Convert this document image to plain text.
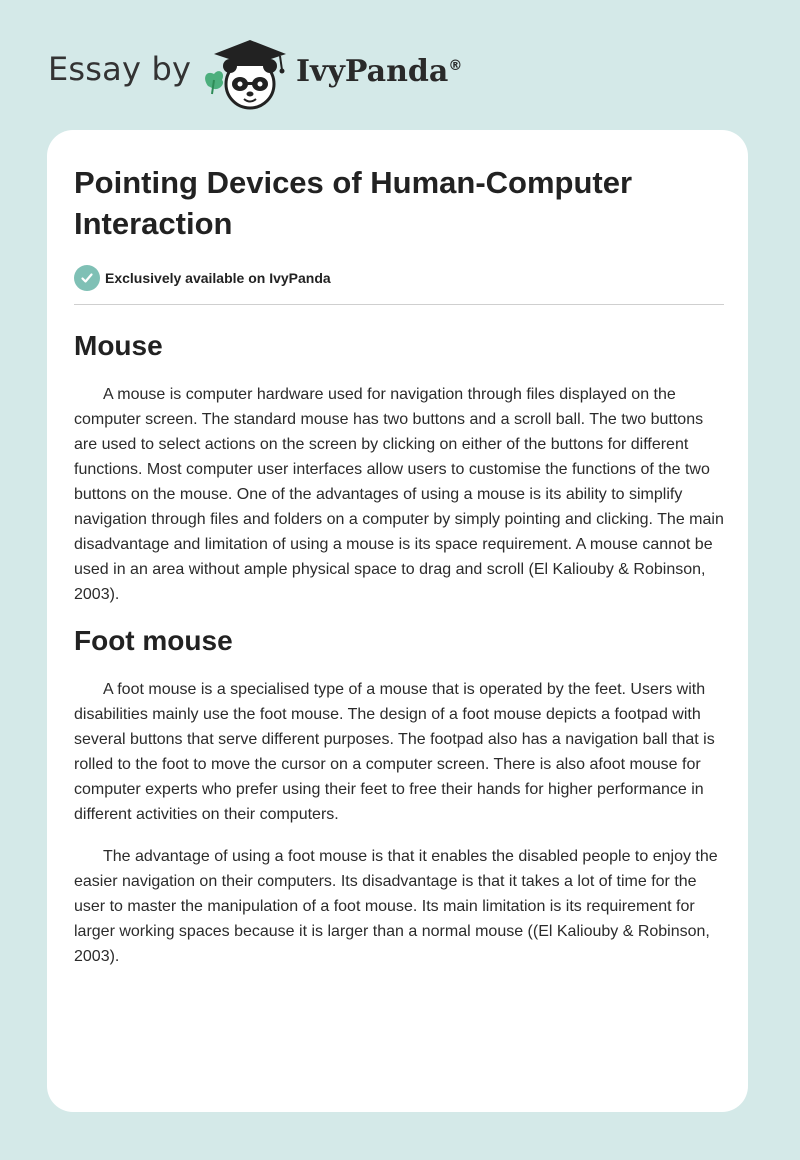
Essay by	IvyPanda®
Pointing Devices of Human-Computer Interaction
Exclusively available on IvyPanda
Mouse

A mouse is computer hardware used for navigation through files displayed on the computer screen. The standard mouse has two buttons and a scroll ball. The two buttons are used to select actions on the screen by clicking on either of the buttons for different functions. Most computer user interfaces allow users to customise the functions of the two buttons on the mouse. One of the advantages of using a mouse is its ability to simplify navigation through files and folders on a computer by simply pointing and clicking. The main disadvantage and limitation of using a mouse is its space requirement. A mouse cannot be used in an area without ample physical space to drag and scroll (El Kaliouby & Robinson, 2003).

Foot mouse

A foot mouse is a specialised type of a mouse that is operated by the feet. Users with disabilities mainly use the foot mouse. The design of a foot mouse depicts a footpad with several buttons that serve different purposes. The footpad also has a navigation ball that is rolled to the foot to move the cursor on a computer screen. There is also afoot mouse for computer experts who prefer using their feet to free their hands for higher performance in different activities on their computers.

The advantage of using a foot mouse is that it enables the disabled people to enjoy the easier navigation on their computers. Its disadvantage is that it takes a lot of time for the user to master the manipulation of a foot mouse. Its main limitation is its requirement for larger working spaces because it is larger than a normal mouse ((El Kaliouby & Robinson, 2003).
